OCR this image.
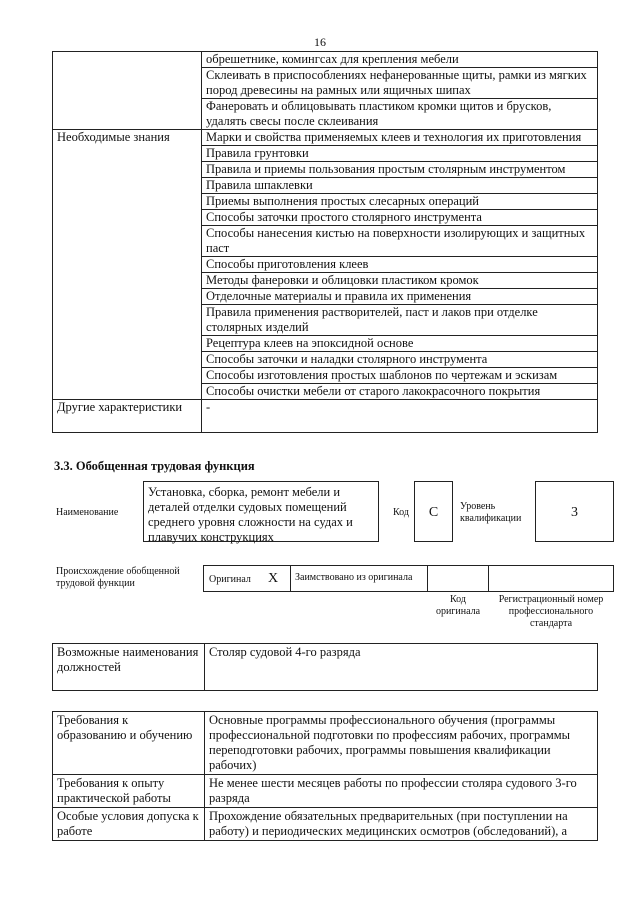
16
	обрешетнике, комингсах для крепления мебели
	Склеивать в приспособлениях нефанерованные щиты, рамки из мягких пород древесины на рамных или ящичных шипах
	Фанеровать и облицовывать пластиком кромки щитов и брусков, удалять свесы после склеивания
Необходимые знания	Марки и свойства применяемых клеев и технология их приготовления
	Правила грунтовки
	Правила и приемы пользования простым столярным инструментом
	Правила шпаклевки
	Приемы выполнения простых слесарных операций
	Способы заточки простого столярного инструмента
	Способы нанесения кистью на поверхности изолирующих и защитных паст
	Способы приготовления клеев
	Методы фанеровки и облицовки пластиком кромок
	Отделочные материалы и правила их применения
	Правила применения растворителей, паст и лаков при отделке столярных изделий
	Рецептура клеев на эпоксидной основе
	Способы заточки и наладки столярного инструмента
	Способы изготовления простых шаблонов по чертежам и эскизам
	Способы очистки мебели от старого лакокрасочного покрытия
Другие характеристики	-
3.3. Обобщенная трудовая функция
Наименование
Установка, сборка, ремонт мебели и деталей отделки судовых помещений среднего уровня сложности на судах и плавучих конструкциях
Код	C	Уровень квалификации	3
Происхождение обобщенной трудовой функции	Оригинал X	Заимствовано из оригинала
Код оригинала
Регистрационный номер профессионального стандарта
Возможные наименования должностей	Столяр судовой 4-го разряда
Требования к образованию и обучению	Основные программы профессионального обучения (программы профессиональной подготовки по профессиям рабочих, программы переподготовки рабочих, программы повышения квалификации рабочих)
Требования к опыту практической работы	Не менее шести месяцев работы по профессии столяра судового 3-го разряда
Особые условия допуска к работе	Прохождение обязательных предварительных (при поступлении на работу) и периодических медицинских осмотров (обследований), а
